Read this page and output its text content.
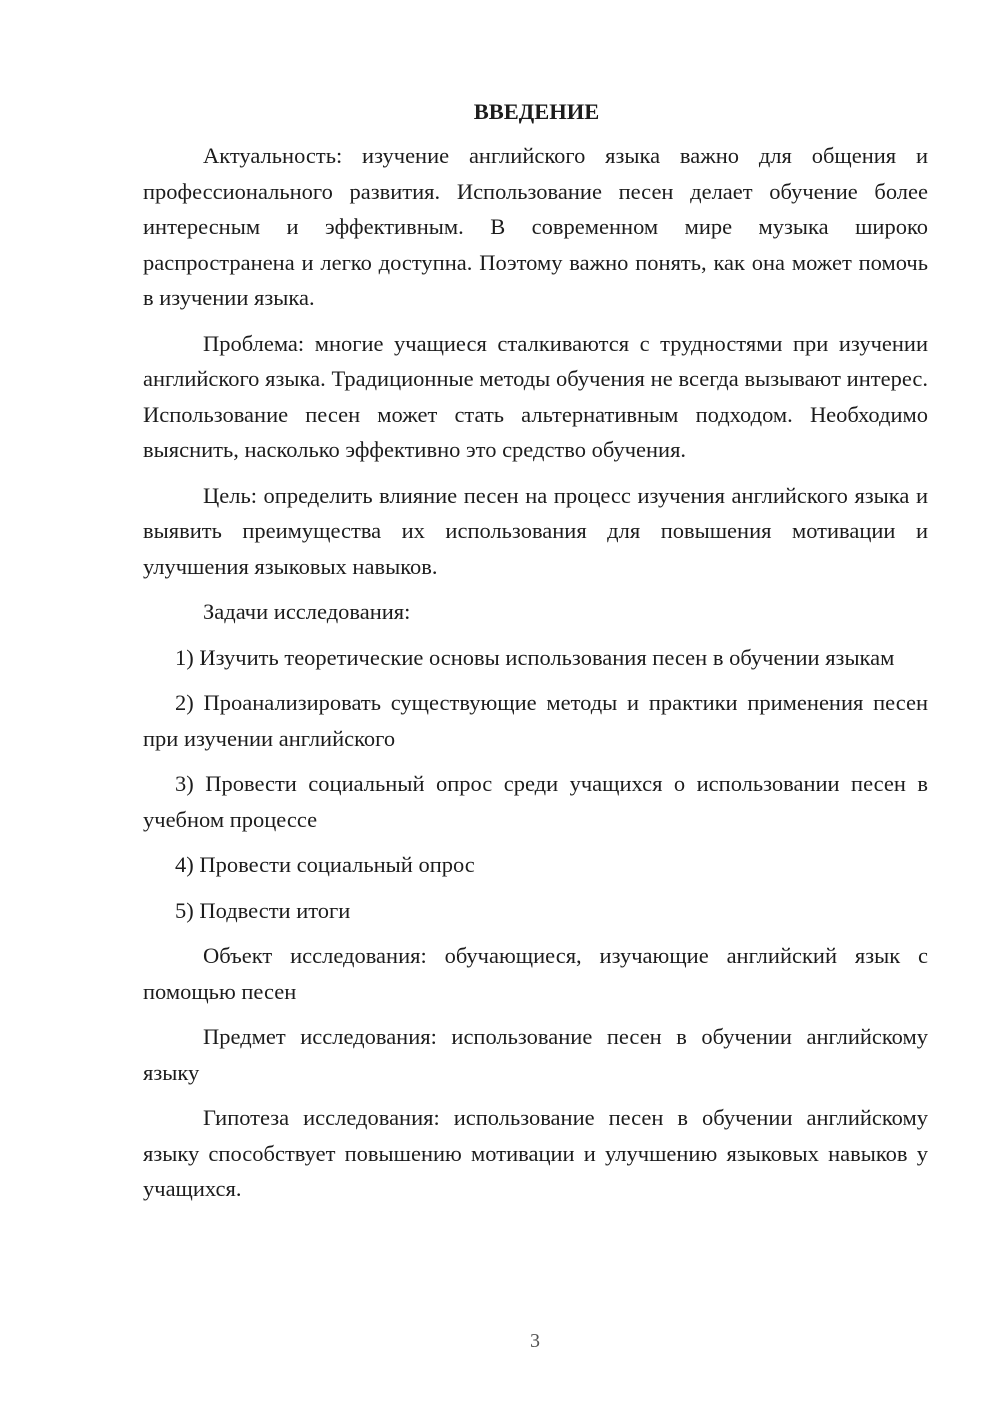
ВВЕДЕНИЕ

Актуальность: изучение английского языка важно для общения и профессионального развития. Использование песен делает обучение более интересным и эффективным. В современном мире музыка широко распространена и легко доступна. Поэтому важно понять, как она может помочь в изучении языка.

Проблема: многие учащиеся сталкиваются с трудностями при изучении английского языка. Традиционные методы обучения не всегда вызывают интерес. Использование песен может стать альтернативным подходом. Необходимо выяснить, насколько эффективно это средство обучения.

Цель: определить влияние песен на процесс изучения английского языка и выявить преимущества их использования для повышения мотивации и улучшения языковых навыков.

Задачи исследования:

1) Изучить теоретические основы использования песен в обучении языкам

2) Проанализировать существующие методы и практики применения песен при изучении английского

3) Провести социальный опрос среди учащихся о использовании песен в учебном процессе

4) Провести социальный опрос

5) Подвести итоги

Объект исследования: обучающиеся, изучающие английский язык с помощью песен

Предмет исследования: использование песен в обучении английскому языку

Гипотеза исследования: использование песен в обучении английскому языку способствует повышению мотивации и улучшению языковых навыков у учащихся.

3
